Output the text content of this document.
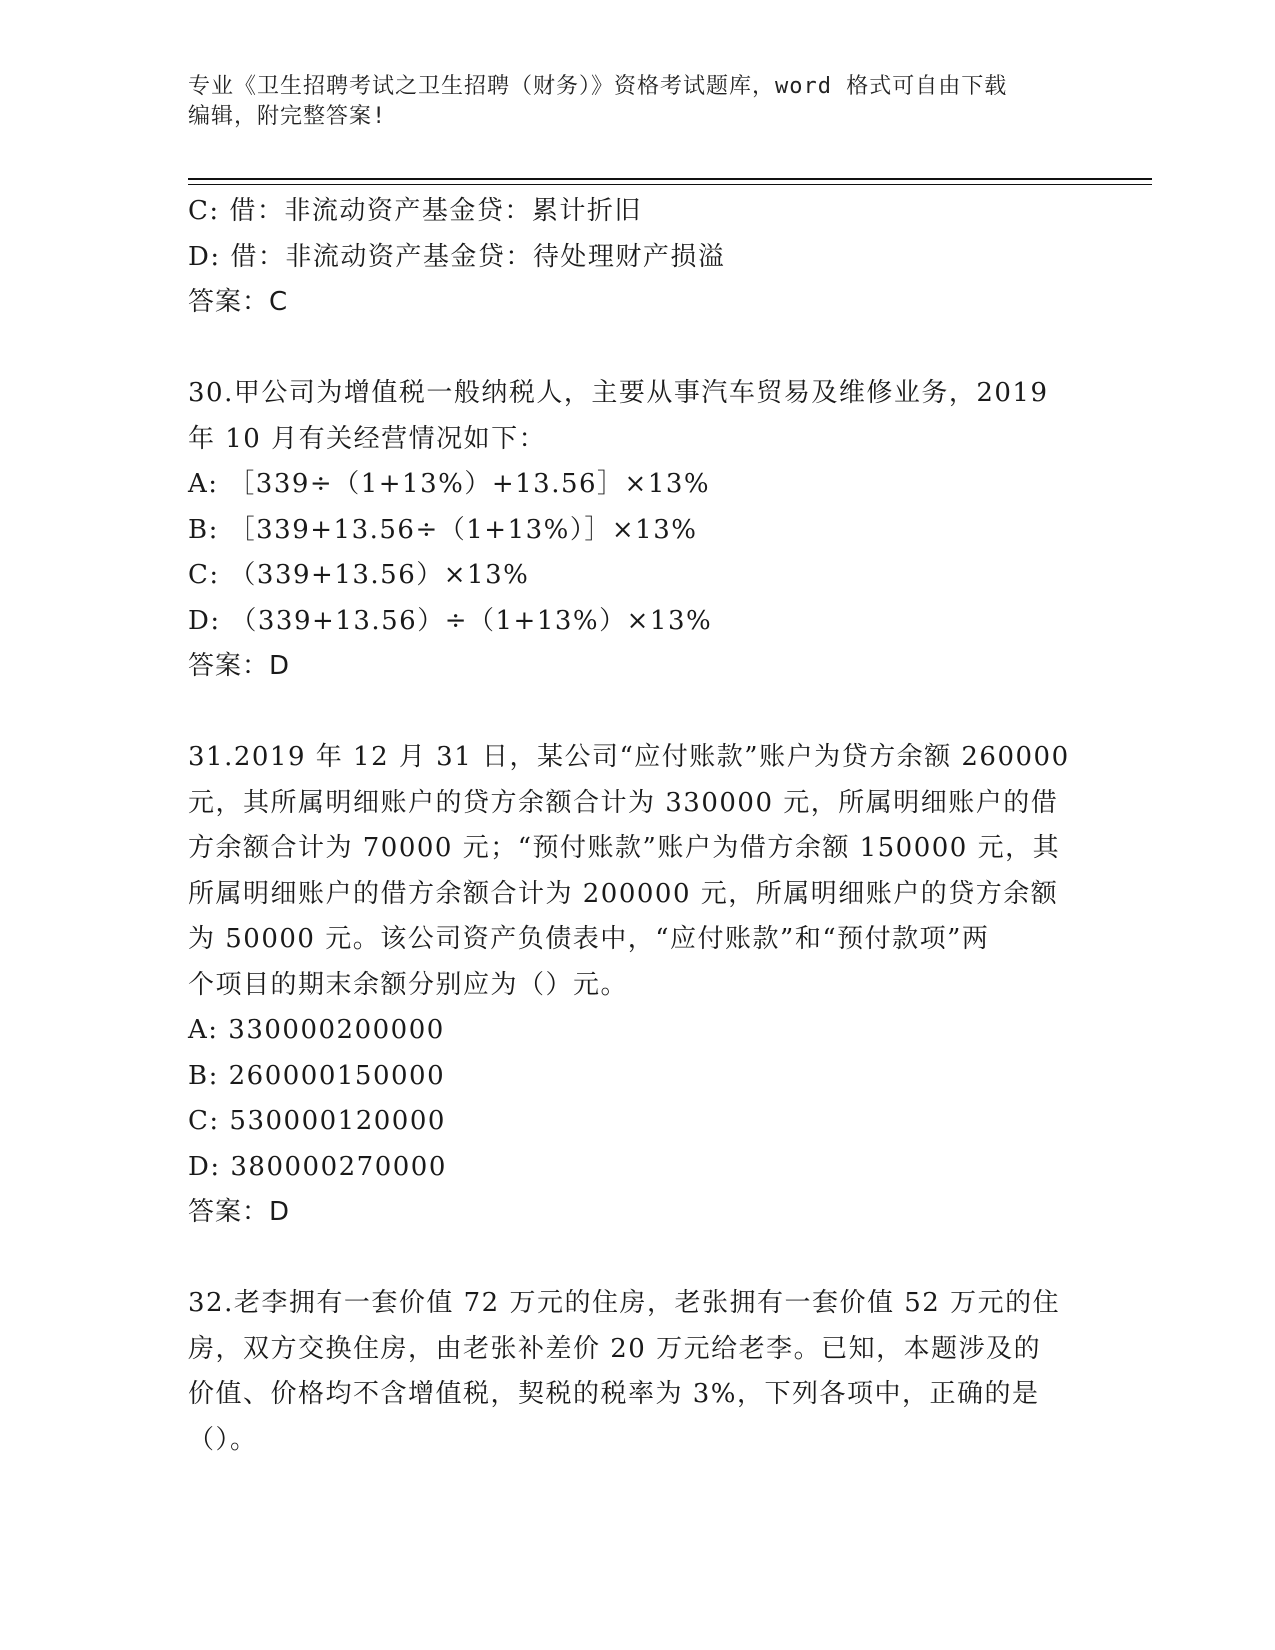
专业《卫生招聘考试之卫生招聘（财务）》资格考试题库，word 格式可自由下载
编辑，附完整答案!
C: 借：非流动资产基金贷：累计折旧
D: 借：非流动资产基金贷：待处理财产损溢
答案：C
30.甲公司为增值税一般纳税人，主要从事汽车贸易及维修业务，2019
年 10 月有关经营情况如下：
A: ［339÷（1+13%）+13.56］×13%
B: ［339+13.56÷（1+13%）］×13%
C: （339+13.56）×13%
D: （339+13.56）÷（1+13%）×13%
答案：D
31.2019 年 12 月 31 日，某公司“应付账款”账户为贷方余额 260000
元，其所属明细账户的贷方余额合计为 330000 元，所属明细账户的借
方余额合计为 70000 元；“预付账款”账户为借方余额 150000 元，其
所属明细账户的借方余额合计为 200000 元，所属明细账户的贷方余额
为 50000 元。该公司资产负债表中，“应付账款”和“预付款项”两
个项目的期末余额分别应为（）元。
A: 330000200000
B: 260000150000
C: 530000120000
D: 380000270000
答案：D
32.老李拥有一套价值 72 万元的住房，老张拥有一套价值 52 万元的住
房，双方交换住房，由老张补差价 20 万元给老李。已知，本题涉及的
价值、价格均不含增值税，契税的税率为 3%，下列各项中，正确的是
（）。
